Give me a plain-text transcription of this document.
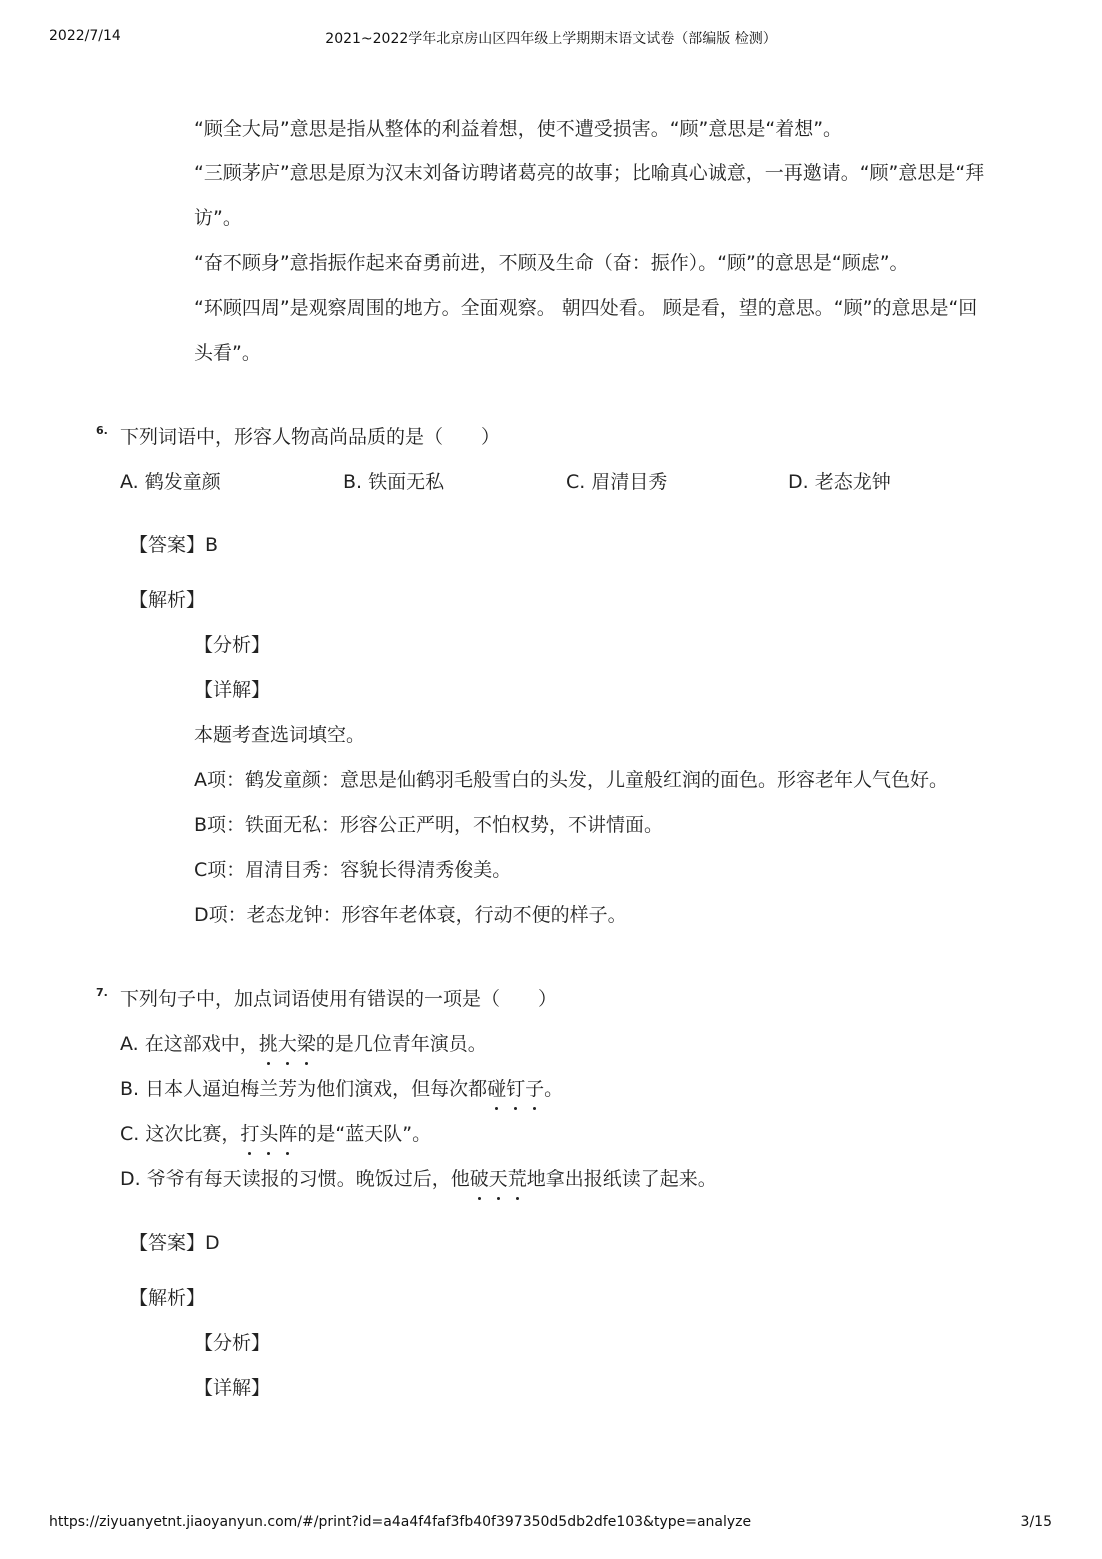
2022/7/14	2021~2022学年北京房山区四年级上学期期末语文试卷（部编版 检测）
“顾全大局”意思是指从整体的利益着想，使不遭受损害。“顾”意思是“着想”。
“三顾茅庐”意思是原为汉末刘备访聘诸葛亮的故事；比喻真心诚意，一再邀请。“顾”意思是“拜
访”。
“奋不顾身”意指振作起来奋勇前进，不顾及生命（奋：振作）。“顾”的意思是“顾虑”。
“环顾四周”是观察周围的地方。全面观察。 朝四处看。 顾是看，望的意思。“顾”的意思是“回
头看”。
6. 下列词语中，形容人物高尚品质的是（　　）
A. 鹤发童颜	B. 铁面无私	C. 眉清目秀	D. 老态龙钟
【答案】B
【解析】
【分析】
【详解】
本题考查选词填空。
A项：鹤发童颜：意思是仙鹤羽毛般雪白的头发，儿童般红润的面色。形容老年人气色好。
B项：铁面无私：形容公正严明，不怕权势，不讲情面。
C项：眉清目秀：容貌长得清秀俊美。
D项：老态龙钟：形容年老体衰，行动不便的样子。
7. 下列句子中，加点词语使用有错误的一项是（　　）
A. 在这部戏中，挑大梁的是几位青年演员。
B. 日本人逼迫梅兰芳为他们演戏，但每次都碰钉子。
C. 这次比赛，打头阵的是“蓝天队”。
D. 爷爷有每天读报的习惯。晚饭过后，他破天荒地拿出报纸读了起来。
【答案】D
【解析】
【分析】
【详解】
https://ziyuanyetnt.jiaoyanyun.com/#/print?id=a4a4f4faf3fb40f397350d5db2dfe103&type=analyze	3/15
